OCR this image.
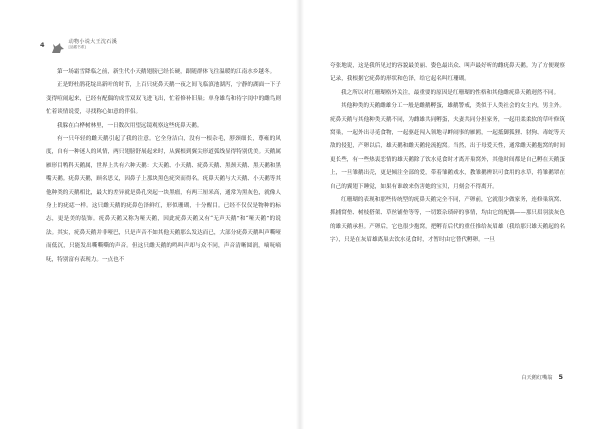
4	动物小说大王沈石溪
[品藏书系]

第一场霜雪降临之前，新生代小天鹅翅膀已经长硬，跟随群体飞往温暖的江南水乡越冬。

正是野杜鹃花绽出新叶的时节，上百只疣鼻天鹅一夜之间飞临滇池湖泻，宁静的湖面一下子变得喧闹起来，已经有配偶的成雪双双飞进飞出，忙着修补旧巢；单身雄鸟和待字闺中的雌鸟则忙着谈情说爱，寻找称心如意的伴侣。

我躲在白桦树林里，一日数次用望远镜观察这些疣鼻天鹅。

有一只年轻的雌天鹅引起了我的注意。它全身洁白，没有一根杂毛，脖颈细长，尊雍的风度，自有一种迷人的风情，两只翅膀舒展起来时，从翼根到翼尖形道弧线显得特别优美。天鹅属雁形目鸭科天鹅属，世界上共有六种天鹅：大天鹅、小天鹅、疣鼻天鹅、黑颈天鹅、黑天鹅和黑嘴天鹅。疣鼻天鹅，顾名思义，因鼻子上那块黑色疣突而得名。疣鼻天鹅与大天鹅、小天鹅等其他种类的天鹅相比，最大的差异就是鼻孔突起一块黑瘤，有两三厘米高，通常为黑灰色，就像人身上的疣痣一样。这只雌天鹅的疣鼻色泽鲜红，形似珊瑚，十分醒目。已经不仅仅是物种的标志，更是美的装饰。疣鼻天鹅又称为哑天鹅，因此疣鼻天鹅又有“无声天鹅”和“哑天鹅”的说法。其实，疣鼻天鹅并非哑巴，只是声音不如其他天鹅那么发达而已，大部分疣鼻天鹅叫声嘶哑而低沉，只能发出嘶嘶嘶的声音。但这只雌天鹅的鸣叫声却与众不同，声音清晰圆润，嘀呒嘀呒，特别富有表现力。一点也不

夸张地说，这是我所见过的容貌最美丽、姿色最出众、叫声最好听的雌疣鼻天鹅。为了方便观察记录，我根据它疣鼻的形状和色泽，给它起名叫红珊瑚。

我之所以对红珊瑚格外关注，最重要的原因是红珊瑚的性格和其他雌疣鼻天鹅迥然不同。

其他种类的天鹅雌雄分工一般是雌鹅孵蛋，雄鹅警戒，类似于人类社会的女主内，男主外。疣鼻天鹅与其他种类天鹅不同，为雌雄共同孵蛋，夫妻共同分担家务，一起用柔柔软的草叶修筑窝巢，一起外出寻觅食物，一起驱赶闯入领地寻衅闹事的雁鸥，一起抵御狐狸、豺狗、毒蛇等天敌的侵犯，产卵以后，雄天鹅和雌天鹅轮流抱窝。当然，出于母爱天性，通常雌天鹅抱窝的时间更长些，有一些热衷恋情的雄天鹅除了饮水觅食时才离开巢窝外，其他时间都是自己孵在天鹅蛋上，一旦雏鹅出壳，更是倾注全部的爱，带着雏鹅戏水，教雏鹅辨识可食用的水草，将雏鹅罩在自己的翼翅下睡觉，如果有谁敢来伤害她的宝贝，月刻会不得离开。

红珊瑚的表现和那些传统型的疣鼻天鹅完全不同，产卵前，它就很少做家务，连修巢筑窝、抓捕窝垫、树枝搭架、草丝铺垫等等，一切繁杂琐碎的事情，均由它的配偶——那只眉羽淡灰色的雄天鹅承担。产卵后，它也很少抱窝，把孵育后代的重任推给灰眉雄（我给那只雄天鹅起的名字），只是在灰眉雄离巢去饮水觅食时，才暂时由它替代孵卵。一旦

白天鹅红嘴翁 5
